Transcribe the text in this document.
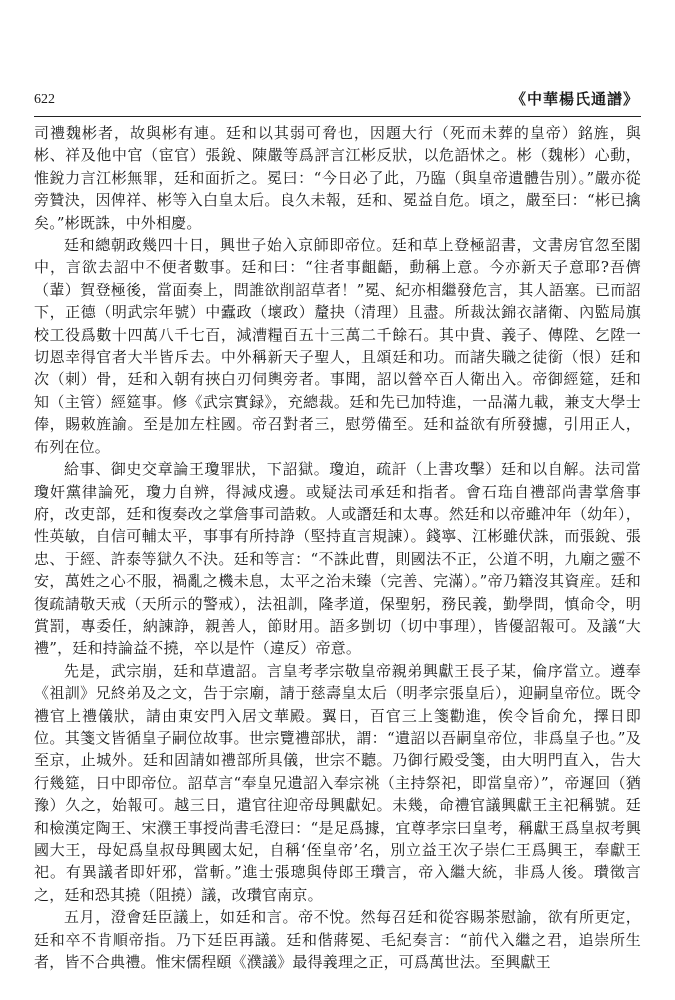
622	《中華楊氏通譜》

司禮魏彬者，故與彬有連。廷和以其弱可脅也，因題大行（死而未葬的皇帝）銘旌，與彬、祥及他中官（宦官）張銳、陳嚴等爲評言江彬反狀，以危語怵之。彬（魏彬）心動，惟銳力言江彬無罪，廷和面折之。冕曰：“今日必了此，乃臨（與皇帝遺體告別）。”嚴亦從旁贊決，因俾祥、彬等入白皇太后。良久未報，廷和、冕益自危。頃之，嚴至曰：“彬已擒矣。”彬既誅，中外相慶。

廷和總朝政幾四十日，興世子始入京師即帝位。廷和草上登極詔書，文書房官忽至閣中，言欲去詔中不便者數事。廷和曰：“往者事齟齬，動稱上意。今亦新天子意耶?吾儕（輩）賀登極後，當面奏上，問誰欲削詔草者！”冕、紀亦相繼發危言，其人語塞。已而詔下，正德（明武宗年號）中蠹政（壞政）釐抉（清理）且盡。所裁汰錦衣諸衛、內監局旗校工役爲數十四萬八千七百，減漕糧百五十三萬二千餘石。其中貴、義子、傳陞、乞陞一切恩幸得官者大半皆斥去。中外稱新天子聖人，且頌廷和功。而諸失職之徒銜（恨）廷和次（刺）骨，廷和入朝有挾白刃伺輿旁者。事聞，詔以營卒百人衛出入。帝御經筵，廷和知（主管）經筵事。修《武宗實録》，充總裁。廷和先已加特進，一品滿九載，兼支大學士俸，賜敕旌諭。至是加左柱國。帝召對者三，慰勞備至。廷和益欲有所發攄，引用正人，布列在位。

給事、御史交章論王瓊罪狀，下詔獄。瓊迫，疏訐（上書攻擊）廷和以自解。法司當瓊奸黨律論死，瓊力自辨，得減戍邊。或疑法司承廷和指者。會石珤自禮部尚書掌詹事府，改吏部，廷和復奏改之掌詹事司誥敕。人或譖廷和太專。然廷和以帝雖冲年（幼年），性英敏，自信可輔太平，事事有所持諍（堅持直言規諫）。錢寧、江彬雖伏誅，而張銳、張忠、于經、許泰等獄久不決。廷和等言：“不誅此曹，則國法不正，公道不明，九廟之靈不安，萬姓之心不服，禍亂之機未息，太平之治未臻（完善、完滿）。”帝乃籍沒其資産。廷和復疏請敬天戒（天所示的警戒），法祖訓，隆孝道，保聖躬，務民義，勤學問，慎命令，明賞罰，專委任，納諫諍，親善人，節財用。語多剴切（切中事理），皆優詔報可。及議“大禮”，廷和持論益不撓，卒以是忤（違反）帝意。

先是，武宗崩，廷和草遺詔。言皇考孝宗敬皇帝親弟興獻王長子某，倫序當立。遵奉《祖訓》兄終弟及之文，告于宗廟，請于慈壽皇太后（明孝宗張皇后），迎嗣皇帝位。既令禮官上禮儀狀，請由東安門入居文華殿。翼日，百官三上箋勸進，俟令旨俞允，擇日即位。其箋文皆循皇子嗣位故事。世宗覽禮部狀，謂：“遺詔以吾嗣皇帝位，非爲皇子也。”及至京，止城外。廷和固請如禮部所具儀，世宗不聽。乃御行殿受箋，由大明門直入，告大行幾筵，日中即帝位。詔草言“奉皇兄遺詔入奉宗祧（主持祭祀，即當皇帝）”，帝遲回（猶豫）久之，始報可。越三日，遣官往迎帝母興獻妃。未幾，命禮官議興獻王主祀稱號。廷和檢漢定陶王、宋濮王事授尚書毛澄曰：“是足爲據，宜尊孝宗曰皇考，稱獻王爲皇叔考興國大王，母妃爲皇叔母興國太妃，自稱‘侄皇帝’名，別立益王次子崇仁王爲興王，奉獻王祀。有異議者即奸邪，當斬。”進士張璁與侍郎王瓚言，帝入繼大統，非爲人後。瓚徵言之，廷和恐其撓（阻撓）議，改瓚官南京。

五月，澄會廷臣議上，如廷和言。帝不悅。然每召廷和從容賜茶慰諭，欲有所更定，廷和卒不肯順帝指。乃下廷臣再議。廷和偕蔣冕、毛紀奏言：“前代入繼之君，追崇所生者，皆不合典禮。惟宋儒程頤《濮議》最得義理之正，可爲萬世法。至興獻王
